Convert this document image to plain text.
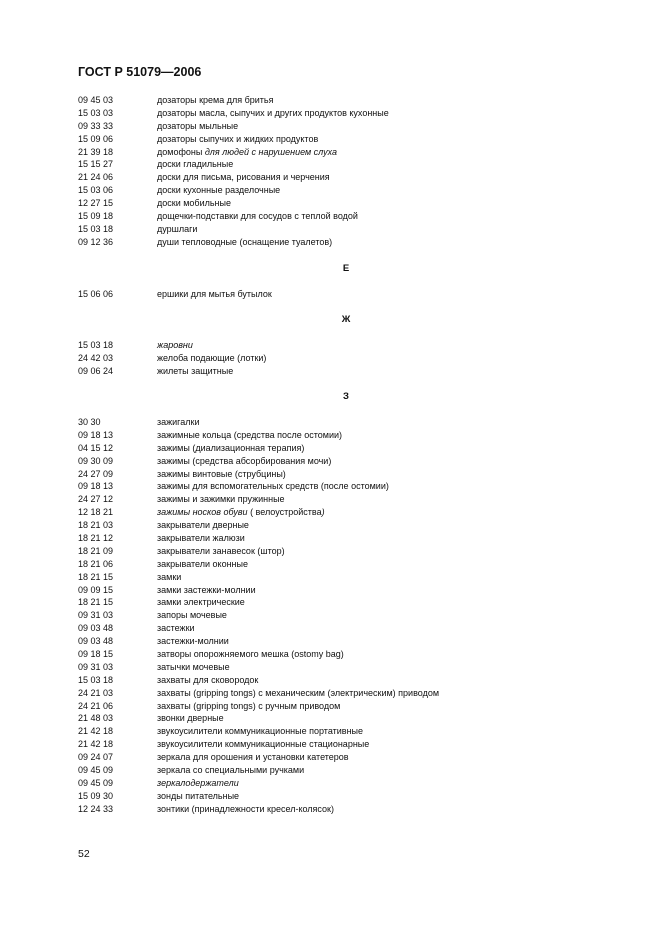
ГОСТ Р 51079—2006
09 45 03	дозаторы крема для бритья
15 03 03	дозаторы масла, сыпучих и других продуктов кухонные
09 33 33	дозаторы мыльные
15 09 06	дозаторы сыпучих и жидких продуктов
21 39 18	домофоны для людей с нарушением слуха
15 15 27	доски гладильные
21 24 06	доски для письма, рисования и черчения
15 03 06	доски кухонные разделочные
12 27 15	доски мобильные
15 09 18	дощечки-подставки для сосудов с теплой водой
15 03 18	дуршлаги
09 12 36	души тепловодные (оснащение туалетов)
Е
15 06 06	ершики для мытья бутылок
Ж
15 03 18	жаровни
24 42 03	желоба подающие (лотки)
09 06 24	жилеты защитные
З
30 30	зажигалки
09 18 13	зажимные кольца (средства после остомии)
04 15 12	зажимы (диализационная терапия)
09 30 09	зажимы (средства абсорбирования мочи)
24 27 09	зажимы винтовые (струбцины)
09 18 13	зажимы для вспомогательных средств (после остомии)
24 27 12	зажимы и зажимки пружинные
12 18 21	зажимы носков обуви ( велоустройства)
18 21 03	закрыватели дверные
18 21 12	закрыватели жалюзи
18 21 09	закрыватели занавесок (штор)
18 21 06	закрыватели оконные
18 21 15	замки
09 09 15	замки застежки-молнии
18 21 15	замки электрические
09 31 03	запоры мочевые
09 03 48	застежки
09 03 48	застежки-молнии
09 18 15	затворы опорожняемого мешка (ostomy bag)
09 31 03	затычки мочевые
15 03 18	захваты для сковородок
24 21 03	захваты (gripping tongs) с механическим (электрическим) приводом
24 21 06	захваты (gripping tongs) с ручным приводом
21 48 03	звонки дверные
21 42 18	звукоусилители коммуникационные портативные
21 42 18	звукоусилители коммуникационные стационарные
09 24 07	зеркала для орошения и установки катетеров
09 45 09	зеркала со специальными ручками
09 45 09	зеркалодержатели
15 09 30	зонды питательные
12 24 33	зонтики (принадлежности кресел-колясок)
52
